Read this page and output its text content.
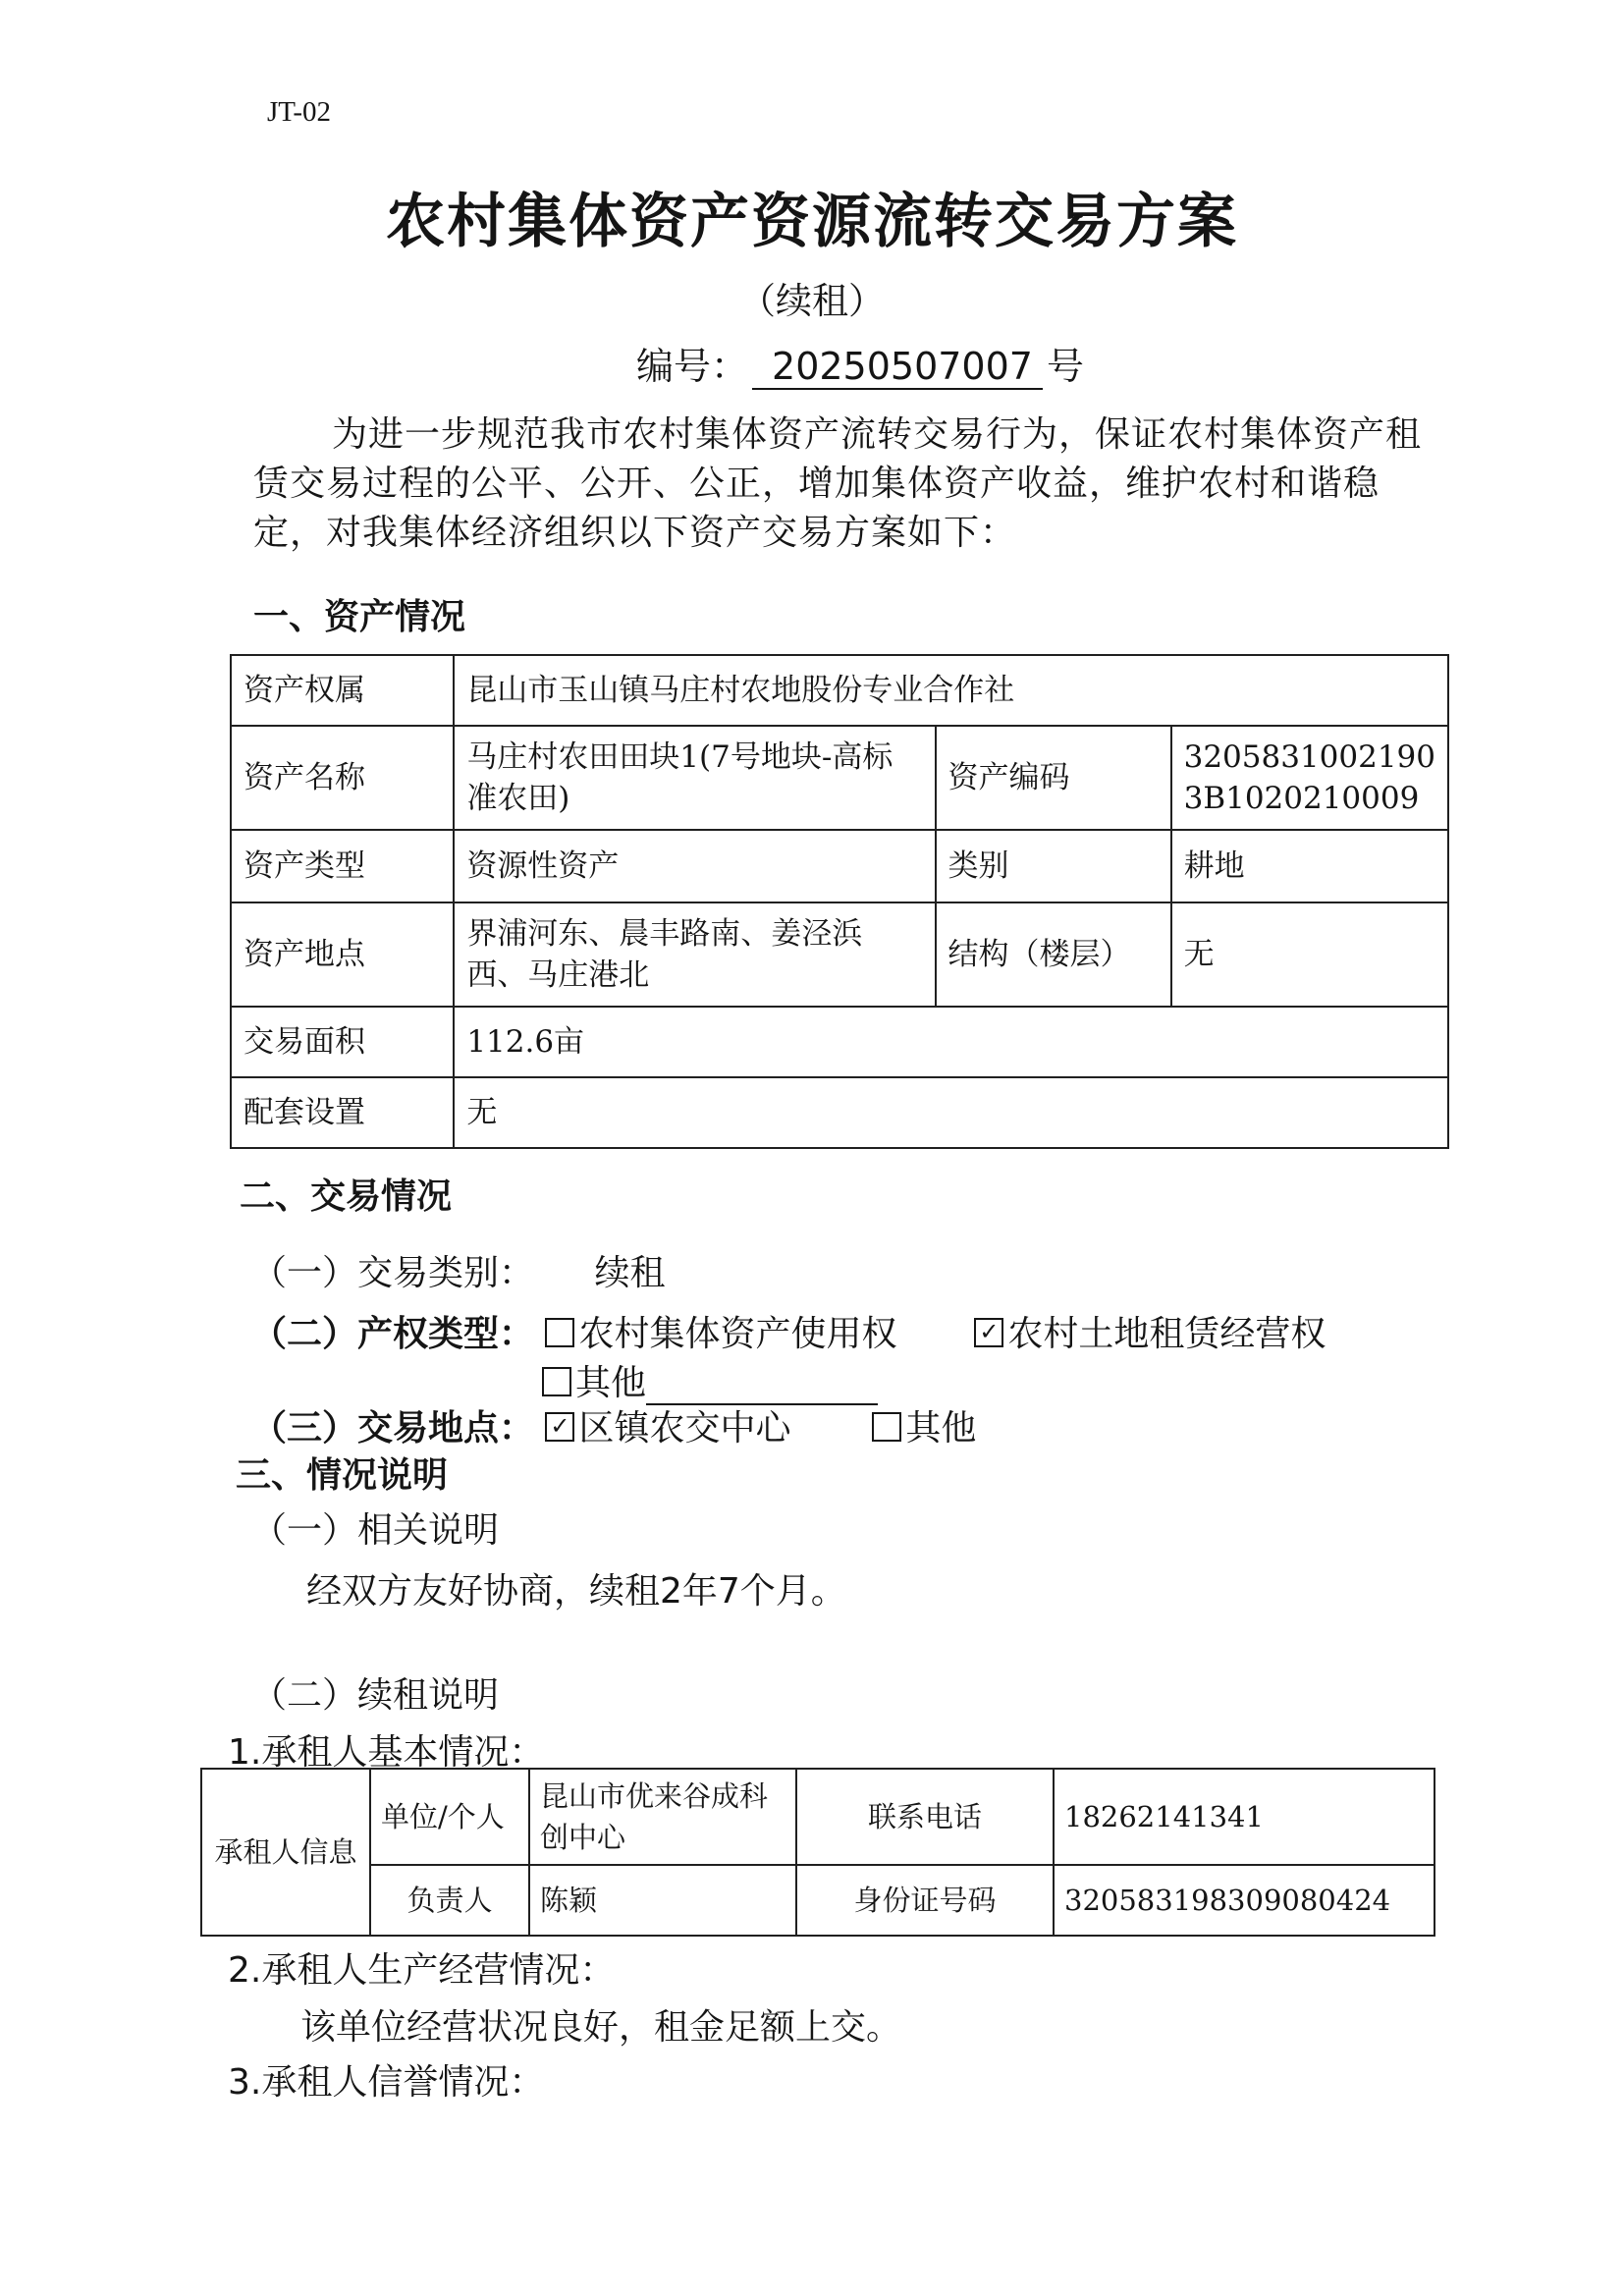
JT-02
农村集体资产资源流转交易方案
（续租）
编号： 20250507007 号
为进一步规范我市农村集体资产流转交易行为，保证农村集体资产租赁交易过程的公平、公开、公正，增加集体资产收益，维护农村和谐稳定，对我集体经济组织以下资产交易方案如下：
一、资产情况
资产权属	昆山市玉山镇马庄村农地股份专业合作社		
资产名称	马庄村农田田块1(7号地块-高标准农田)	资产编码	3205831002190
3B1020210009

资产类型	资源性资产	类别	耕地
资产地点	界浦河东、晨丰路南、姜泾浜西、马庄港北	结构（楼层）	无
交易面积	112.6亩		
配套设置	无		
二、交易情况
（一）交易类别： 续租
（二）产权类型： 农村集体资产使用权	✓ 农村土地租赁经营权
其他
（三）交易地点： ✓ 区镇农交中心	其他
三、情况说明
（一）相关说明
经双方友好协商，续租2年7个月。
（二）续租说明
1.承租人基本情况：
承租人信息	单位/个人	昆山市优来谷成科创中心	联系电话	18262141341
	负责人	陈颖	身份证号码	320583198309080424
2.承租人生产经营情况：
该单位经营状况良好，租金足额上交。
3.承租人信誉情况：
